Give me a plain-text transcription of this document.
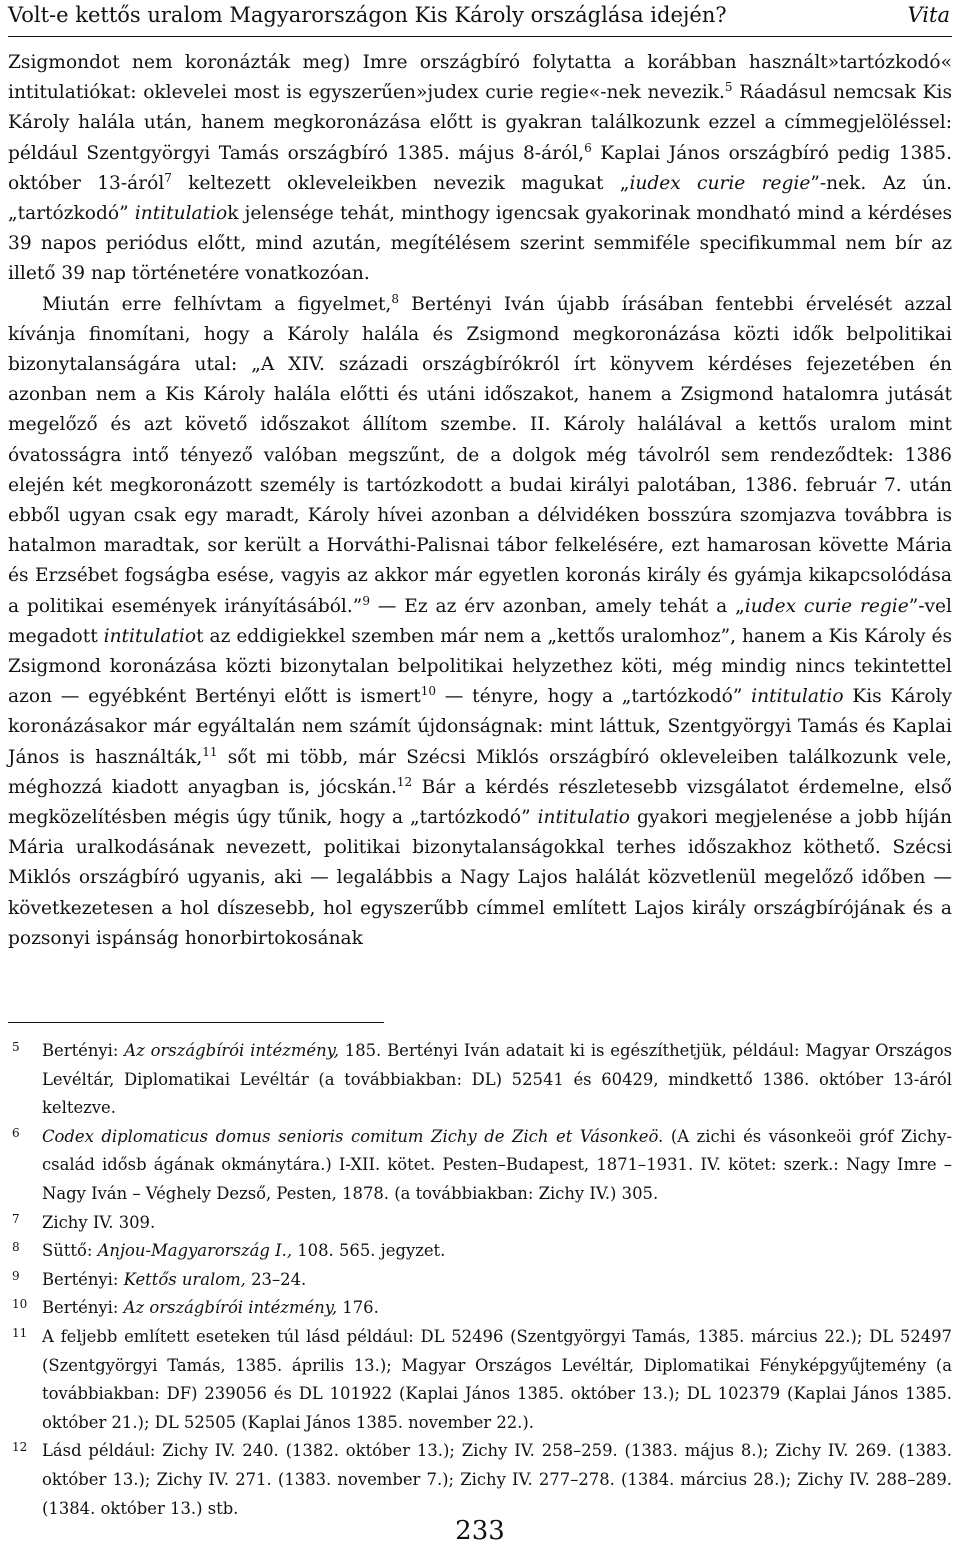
Volt-e kettős uralom Magyarországon Kis Károly országlása idején?	Vita

Zsigmondot nem koronázták meg) Imre országbíró folytatta a korábban használt»tartózkodó« intitulatiókat: oklevelei most is egyszerűen»judex curie regie«-nek nevezik.$^5$ Ráadásul nemcsak Kis Károly halála után, hanem megkoronázása előtt is gyakran találkozunk ezzel a címmegjelöléssel: például Szentgyörgyi Tamás országbíró 1385. május 8-áról,$^6$ Kaplai János országbíró pedig 1385. október 13-áról$^7$ keltezett okleveleikben nevezik magukat „iudex curie regie”-nek. Az ún. „tartózkodó” intitulatiok jelensége tehát, minthogy igencsak gyakorinak mondható mind a kérdéses 39 napos periódus előtt, mind azután, megítélésem szerint semmiféle specifikummal nem bír az illető 39 nap történetére vonatkozóan.

Miután erre felhívtam a figyelmet,$^8$ Bertényi Iván újabb írásában fentebbi érvelését azzal kívánja finomítani, hogy a Károly halála és Zsigmond megkoronázása közti idők belpolitikai bizonytalanságára utal: „A XIV. századi országbírókról írt könyvem kérdéses fejezetében én azonban nem a Kis Károly halála előtti és utáni időszakot, hanem a Zsigmond hatalomra jutását megelőző és azt követő időszakot állítom szembe. II. Károly halálával a kettős uralom mint óvatosságra intő tényező valóban megszűnt, de a dolgok még távolról sem rendeződtek: 1386 elején két megkoronázott személy is tartózkodott a budai királyi palotában, 1386. február 7. után ebből ugyan csak egy maradt, Károly hívei azonban a délvidéken bosszúra szomjazva továbbra is hatalmon maradtak, sor került a Horváthi-Palisnai tábor felkelésére, ezt hamarosan követte Mária és Erzsébet fogságba esése, vagyis az akkor már egyetlen koronás király és gyámja kikapcsolódása a politikai események irányításából.”$^9$ — Ez az érv azonban, amely tehát a „iudex curie regie”-vel megadott intitulatiot az eddigiekkel szemben már nem a „kettős uralomhoz”, hanem a Kis Károly és Zsigmond koronázása közti bizonytalan belpolitikai helyzethez köti, még mindig nincs tekintettel azon — egyébként Bertényi előtt is ismert$^{10}$ — tényre, hogy a „tartózkodó” intitulatio Kis Károly koronázásakor már egyáltalán nem számít újdonságnak: mint láttuk, Szentgyörgyi Tamás és Kaplai János is használták,$^{11}$ sőt mi több, már Szécsi Miklós országbíró okleveleiben találkozunk vele, méghozzá kiadott anyagban is, jócskán.$^{12}$ Bár a kérdés részletesebb vizsgálatot érdemelne, első megközelítésben mégis úgy tűnik, hogy a „tartózkodó” intitulatio gyakori megjelenése a jobb híján Mária uralkodásának nevezett, politikai bizonytalanságokkal terhes időszakhoz köthető. Szécsi Miklós országbíró ugyanis, aki — legalábbis a Nagy Lajos halálát közvetlenül megelőző időben — következetesen a hol díszesebb, hol egyszerűbb címmel említett Lajos király országbírójának és a pozsonyi ispánság honorbirtokosának

5 Bertényi: Az országbírói intézmény, 185. Bertényi Iván adatait ki is egészíthetjük, például: Magyar Országos Levéltár, Diplomatikai Levéltár (a továbbiakban: DL) 52541 és 60429, mindkettő 1386. október 13-áról keltezve.
6 Codex diplomaticus domus senioris comitum Zichy de Zich et Vásonkeö. (A zichi és vásonkeöi gróf Zichy-család idősb ágának okmánytára.) I-XII. kötet. Pesten–Budapest, 1871–1931. IV. kötet: szerk.: Nagy Imre – Nagy Iván – Véghely Dezső, Pesten, 1878. (a továbbiakban: Zichy IV.) 305.
7 Zichy IV. 309.
8 Süttő: Anjou-Magyarország I., 108. 565. jegyzet.
9 Bertényi: Kettős uralom, 23–24.
10 Bertényi: Az országbírói intézmény, 176.
11 A feljebb említett eseteken túl lásd például: DL 52496 (Szentgyörgyi Tamás, 1385. március 22.); DL 52497 (Szentgyörgyi Tamás, 1385. április 13.); Magyar Országos Levéltár, Diplomatikai Fényképgyűjtemény (a továbbiakban: DF) 239056 és DL 101922 (Kaplai János 1385. október 13.); DL 102379 (Kaplai János 1385. október 21.); DL 52505 (Kaplai János 1385. november 22.).
12 Lásd például: Zichy IV. 240. (1382. október 13.); Zichy IV. 258–259. (1383. május 8.); Zichy IV. 269. (1383. október 13.); Zichy IV. 271. (1383. november 7.); Zichy IV. 277–278. (1384. március 28.); Zichy IV. 288–289. (1384. október 13.) stb.
233
